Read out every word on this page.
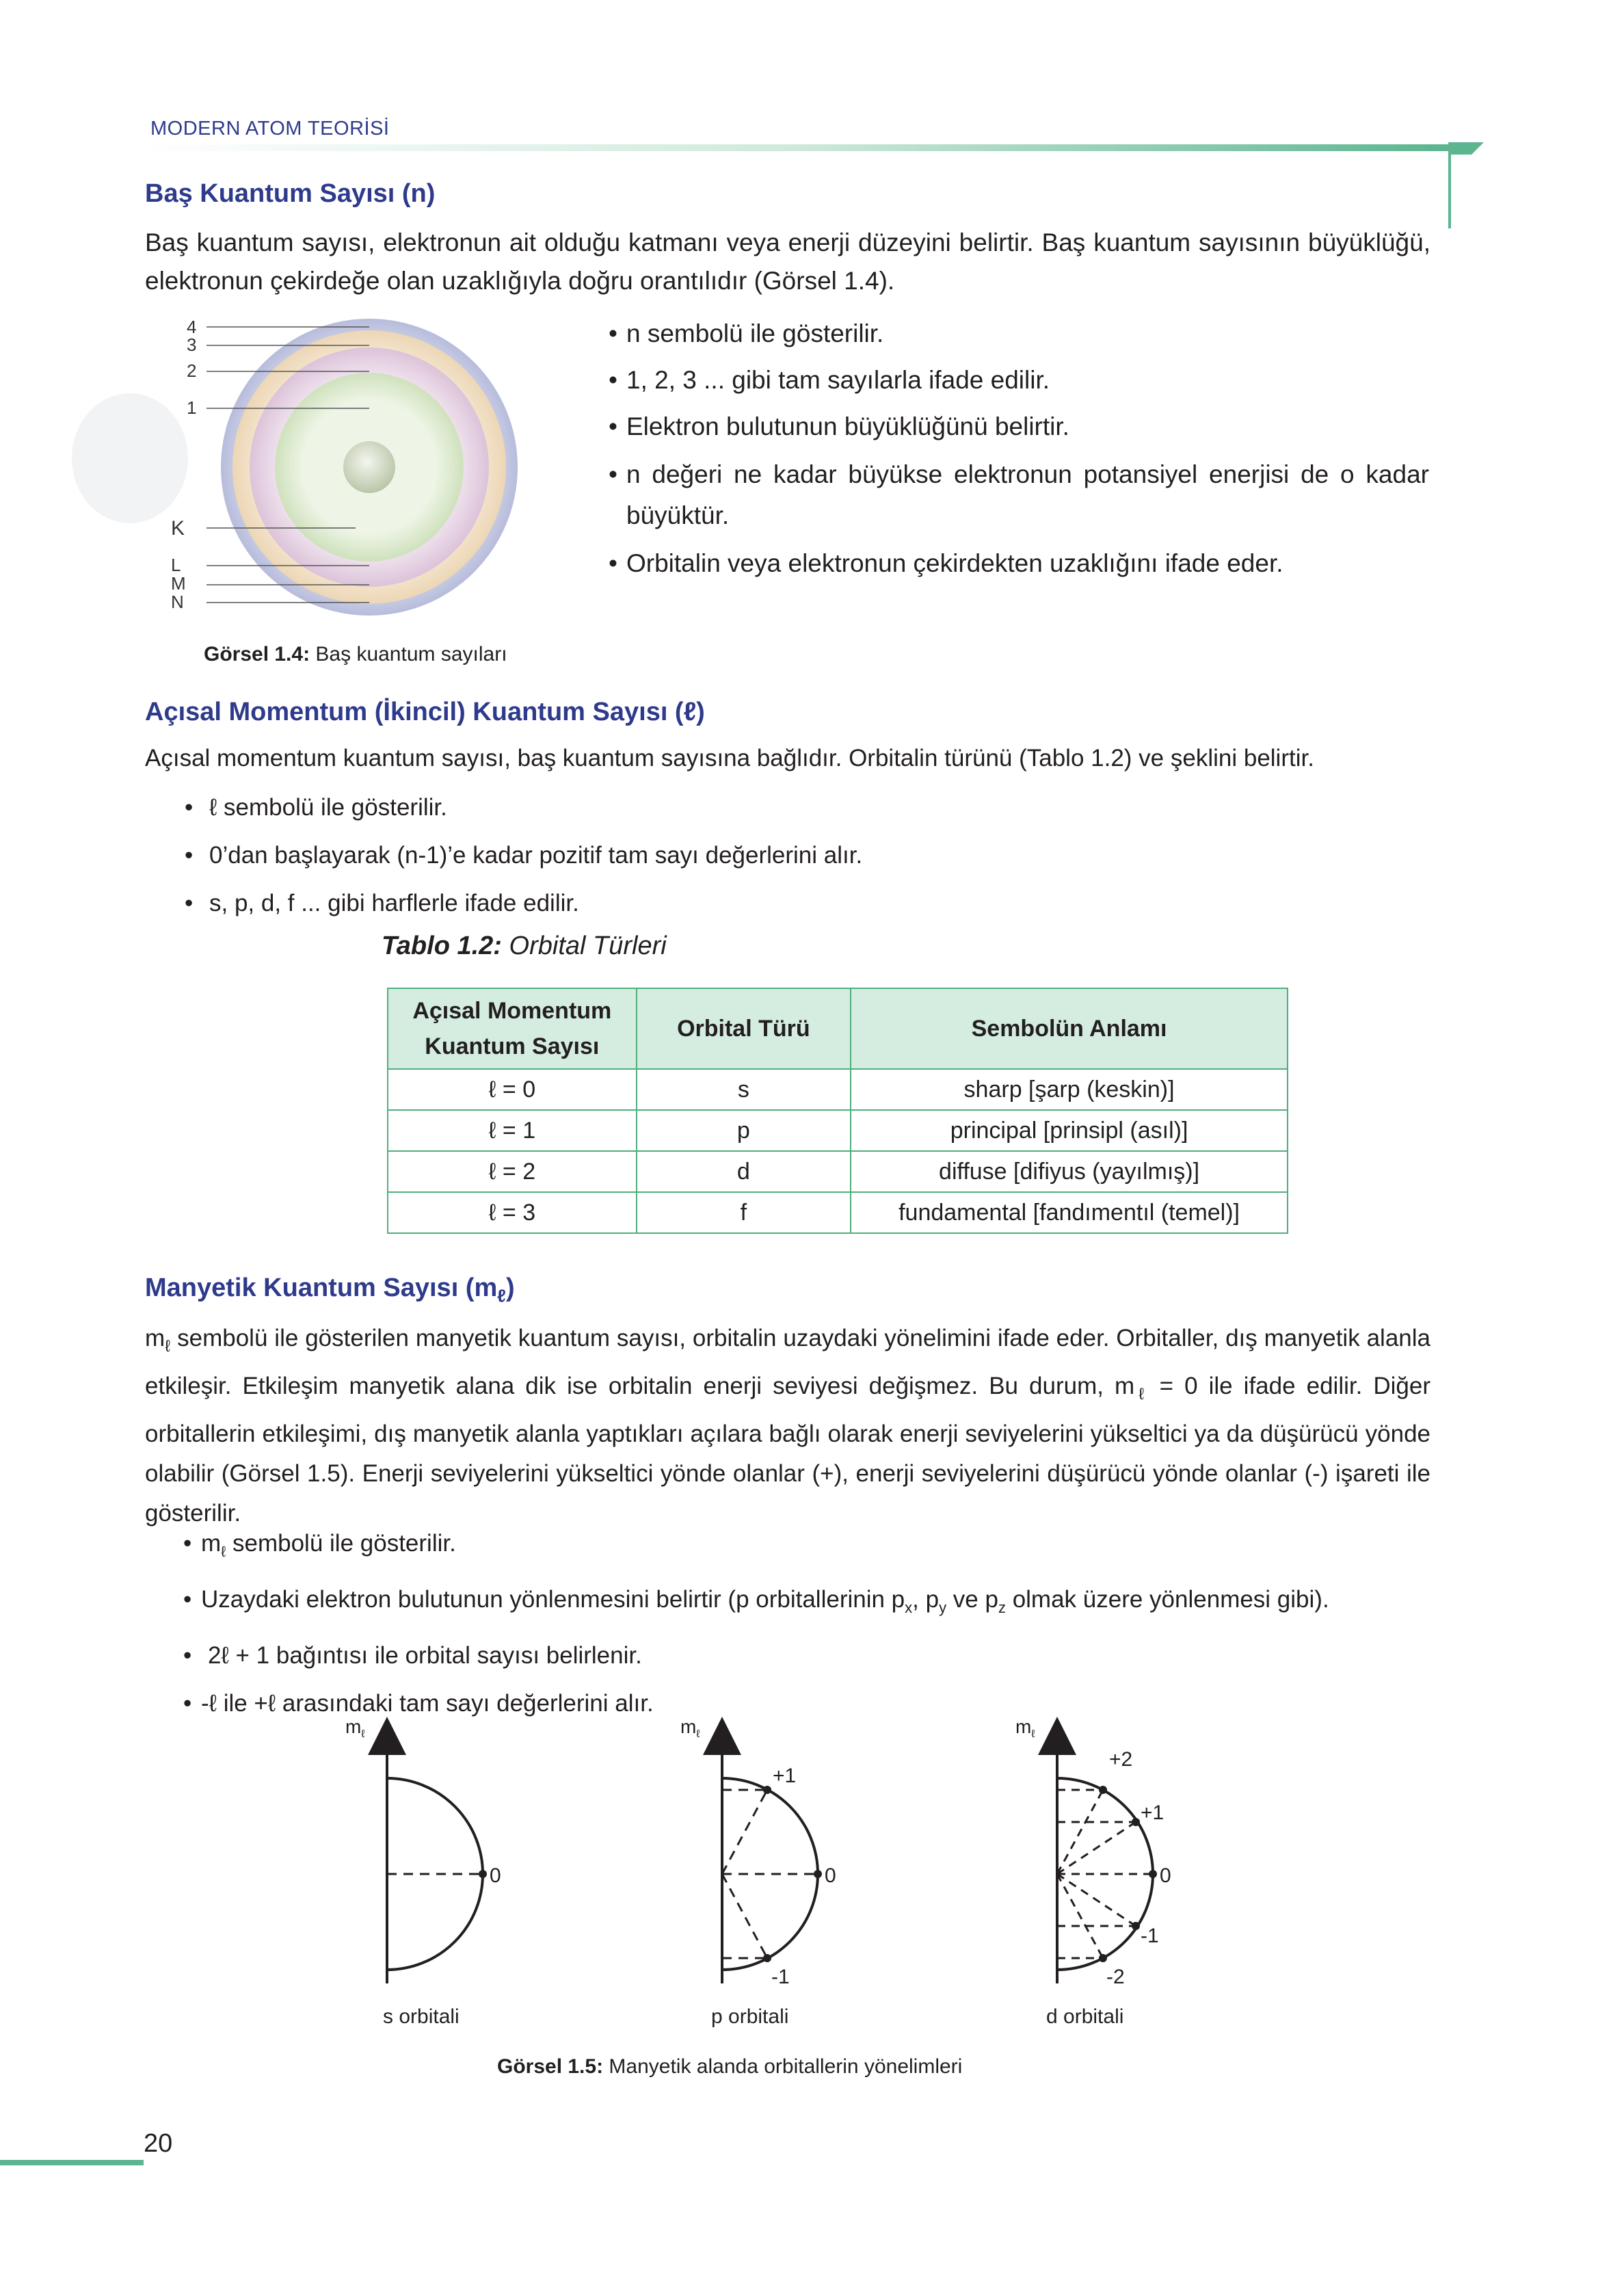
MODERN ATOM TEORİSİ
Baş Kuantum Sayısı (n)
Baş kuantum sayısı, elektronun ait olduğu katmanı veya enerji düzeyini belirtir. Baş kuantum sayısının büyüklüğü, elektronun çekirdeğe olan uzaklığıyla doğru orantılıdır (Görsel 1.4).
4
3
2
1
K
L
M
N
Görsel 1.4: Baş kuantum sayıları
• n sembolü ile gösterilir.
• 1, 2, 3 ... gibi tam sayılarla ifade edilir.
• Elektron bulutunun büyüklüğünü belirtir.
• n değeri ne kadar büyükse elektronun potansiyel enerjisi de o kadar büyüktür.
• Orbitalin veya elektronun çekirdekten uzaklığını ifade eder.
Açısal Momentum (İkincil) Kuantum Sayısı (ℓ)
Açısal momentum kuantum sayısı, baş kuantum sayısına bağlıdır. Orbitalin türünü (Tablo 1.2) ve şeklini belirtir.
• ℓ sembolü ile gösterilir.
• 0’dan başlayarak (n-1)’e kadar pozitif tam sayı değerlerini alır.
• s, p, d, f ... gibi harflerle ifade edilir.
Tablo 1.2: Orbital Türleri
Açısal Momentum Kuantum Sayısı	Orbital Türü	Sembolün Anlamı
ℓ = 0	s	sharp [şarp (keskin)]
ℓ = 1	p	principal [prinsipl (asıl)]
ℓ = 2	d	diffuse [difiyus (yayılmış)]
ℓ = 3	f	fundamental [fandımentıl (temel)]
Manyetik Kuantum Sayısı $(m_\ell)$
$m_\ell$ sembolü ile gösterilen manyetik kuantum sayısı, orbitalin uzaydaki yönelimini ifade eder. Orbitaller, dış manyetik alanla etkileşir. Etkileşim manyetik alana dik ise orbitalin enerji seviyesi değişmez. Bu durum, $m_\ell = 0$ ile ifade edilir. Diğer orbitallerin etkileşimi, dış manyetik alanla yaptıkları açılara bağlı olarak enerji seviyelerini yükseltici ya da düşürücü yönde olabilir (Görsel 1.5). Enerji seviyelerini yükseltici yönde olanlar (+), enerji seviyelerini düşürücü yönde olanlar (-) işareti ile gösterilir.
• $m_\ell$ sembolü ile gösterilir.
• Uzaydaki elektron bulutunun yönlenmesini belirtir (p orbitallerinin $p_x$, $p_y$ ve $p_z$ olmak üzere yönlenmesi gibi).
• 2ℓ + 1 bağıntısı ile orbital sayısı belirlenir.
• -ℓ ile +ℓ arasındaki tam sayı değerlerini alır.
$m_\ell$
0
s orbitali
$m_\ell$
+1
0
-1
p orbitali
$m_\ell$
+2
+1
0
-1
-2
d orbitali
Görsel 1.5: Manyetik alanda orbitallerin yönelimleri
20
